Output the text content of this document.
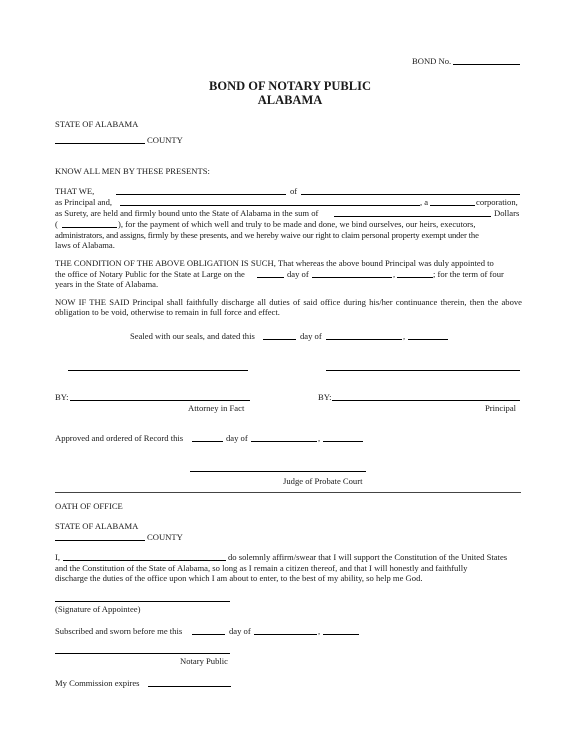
BOND No.
BOND OF NOTARY PUBLIC
ALABAMA
STATE OF ALABAMA
COUNTY
KNOW ALL MEN BY THESE PRESENTS:
THAT WE,	of
as Principal and,	, a	corporation,
as Surety, are held and firmly bound unto the State of Alabama in the sum of	Dollars
(	), for the payment of which well and truly to be made and done, we bind ourselves, our heirs, executors,
administrators, and assigns, firmly by these presents, and we hereby waive our right to claim personal property exempt under the
laws of Alabama.
THE CONDITION OF THE ABOVE OBLIGATION IS SUCH, That whereas the above bound Principal was duly appointed to
the office of Notary Public for the State at Large on the	day of	,	; for the term of four
years in the State of Alabama.
NOW IF THE SAID Principal shall faithfully discharge all duties of said office during his/her continuance therein, then the above obligation to be void, otherwise to remain in full force and effect.
Sealed with our seals, and dated this	day of	,
BY:
Attorney in Fact
BY:
Principal
Approved and ordered of Record this	day of	,
Judge of Probate Court
OATH OF OFFICE
STATE OF ALABAMA
COUNTY
I,	do solemnly affirm/swear that I will support the Constitution of the United States
and the Constitution of the State of Alabama, so long as I remain a citizen thereof, and that I will honestly and faithfully
discharge the duties of the office upon which I am about to enter, to the best of my ability, so help me God.
(Signature of Appointee)
Subscribed and sworn before me this	day of	,
Notary Public
My Commission expires
